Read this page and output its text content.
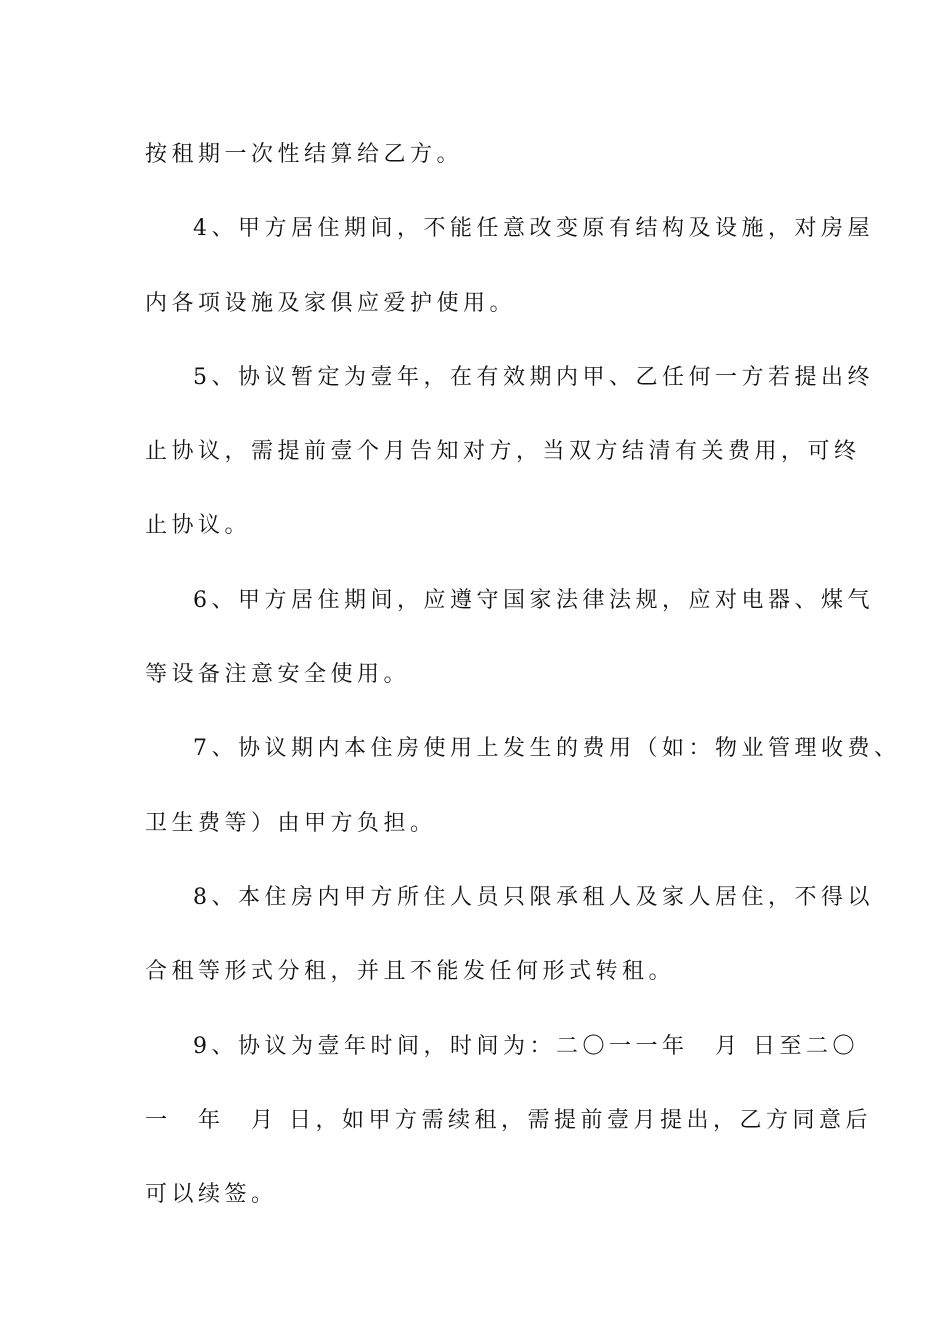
按租期一次性结算给乙方。
4、甲方居住期间，不能任意改变原有结构及设施，对房屋
内各项设施及家俱应爱护使用。
5、协议暂定为壹年，在有效期内甲、乙任何一方若提出终
止协议，需提前壹个月告知对方，当双方结清有关费用，可终
止协议。
6、甲方居住期间，应遵守国家法律法规，应对电器、煤气
等设备注意安全使用。
7、协议期内本住房使用上发生的费用（如：物业管理收费、
卫生费等）由甲方负担。
8、本住房内甲方所住人员只限承租人及家人居住，不得以
合租等形式分租，并且不能发任何形式转租。
9、协议为壹年时间，时间为：二〇一一年　月 日至二〇
一　年　月 日，如甲方需续租，需提前壹月提出，乙方同意后
可以续签。
